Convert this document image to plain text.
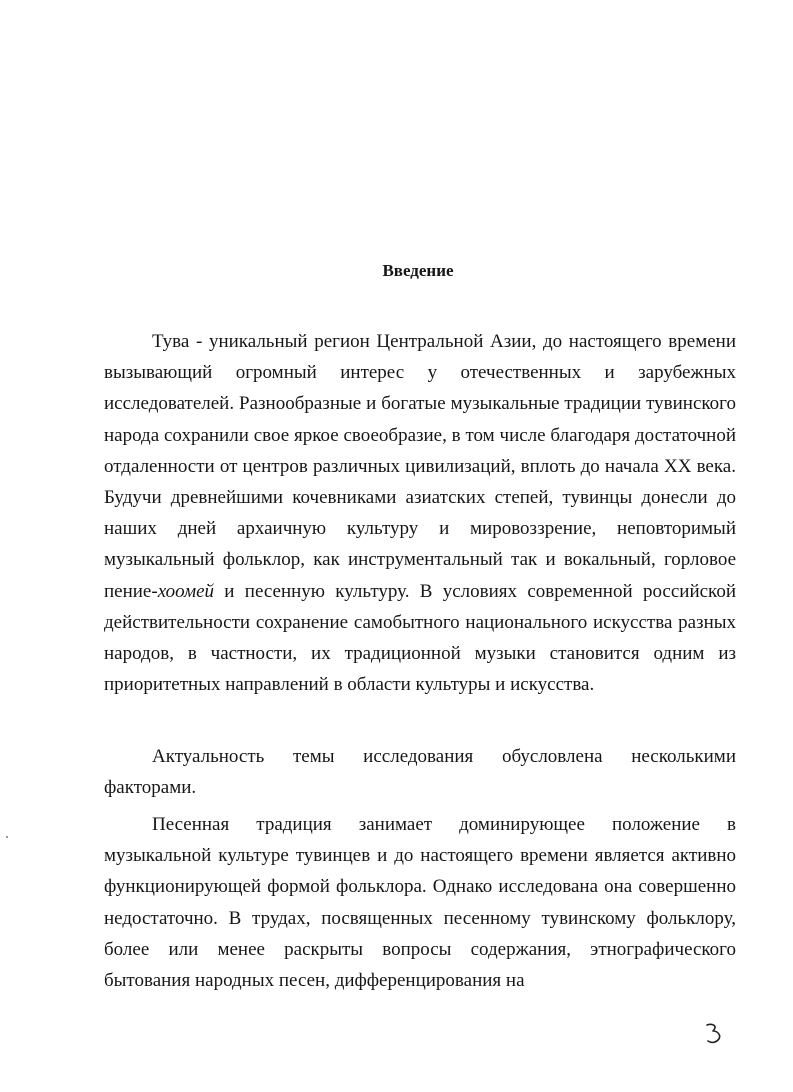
Введение

Тува - уникальный регион Центральной Азии, до настоящего времени вызывающий огромный интерес у отечественных и зарубежных исследователей. Разнообразные и богатые музыкальные традиции тувинского народа сохранили свое яркое своеобразие, в том числе благодаря достаточной отдаленности от центров различных цивилизаций, вплоть до начала XX века. Будучи древнейшими кочевниками азиатских степей, тувинцы донесли до наших дней архаичную культуру и мировоззрение, неповторимый музыкальный фольклор, как инструментальный так и вокальный, горловое пение-хоомей и песенную культуру. В условиях современной российской действительности сохранение самобытного национального искусства разных народов, в частности, их традиционной музыки становится одним из приоритетных направлений в области культуры и искусства.

Актуальность темы исследования обусловлена несколькими факторами.

Песенная традиция занимает доминирующее положение в музыкальной культуре тувинцев и до настоящего времени является активно функционирующей формой фольклора. Однако исследована она совершенно недостаточно. В трудах, посвященных песенному тувинскому фольклору, более или менее раскрыты вопросы содержания, этнографического бытования народных песен, дифференцирования на
